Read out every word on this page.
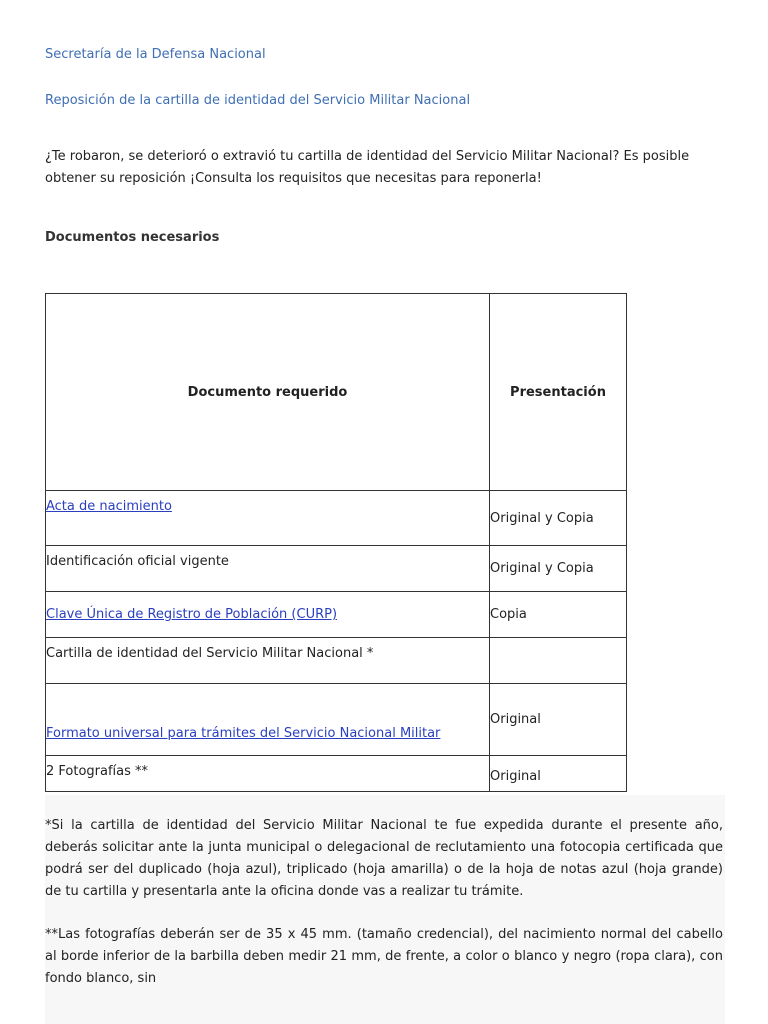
Secretaría de la Defensa Nacional
Reposición de la cartilla de identidad del Servicio Militar Nacional
¿Te robaron, se deterioró o extravió tu cartilla de identidad del Servicio Militar Nacional? Es posible obtener su reposición ¡Consulta los requisitos que necesitas para reponerla!
Documentos necesarios
Documento requerido	Presentación
Acta de nacimiento	Original y Copia
Identificación oficial vigente	Original y Copia
Clave Única de Registro de Población (CURP)	Copia
Cartilla de identidad del Servicio Militar Nacional *	
Formato universal para trámites del Servicio Nacional Militar	Original
2 Fotografías **	Original
*Si la cartilla de identidad del Servicio Militar Nacional te fue expedida durante el presente año, deberás solicitar ante la junta municipal o delegacional de reclutamiento una fotocopia certificada que podrá ser del duplicado (hoja azul), triplicado (hoja amarilla) o de la hoja de notas azul (hoja grande) de tu cartilla y presentarla ante la oficina donde vas a realizar tu trámite.
**Las fotografías deberán ser de 35 x 45 mm. (tamaño credencial), del nacimiento normal del cabello al borde inferior de la barbilla deben medir 21 mm, de frente, a color o blanco y negro (ropa clara), con fondo blanco, sin
